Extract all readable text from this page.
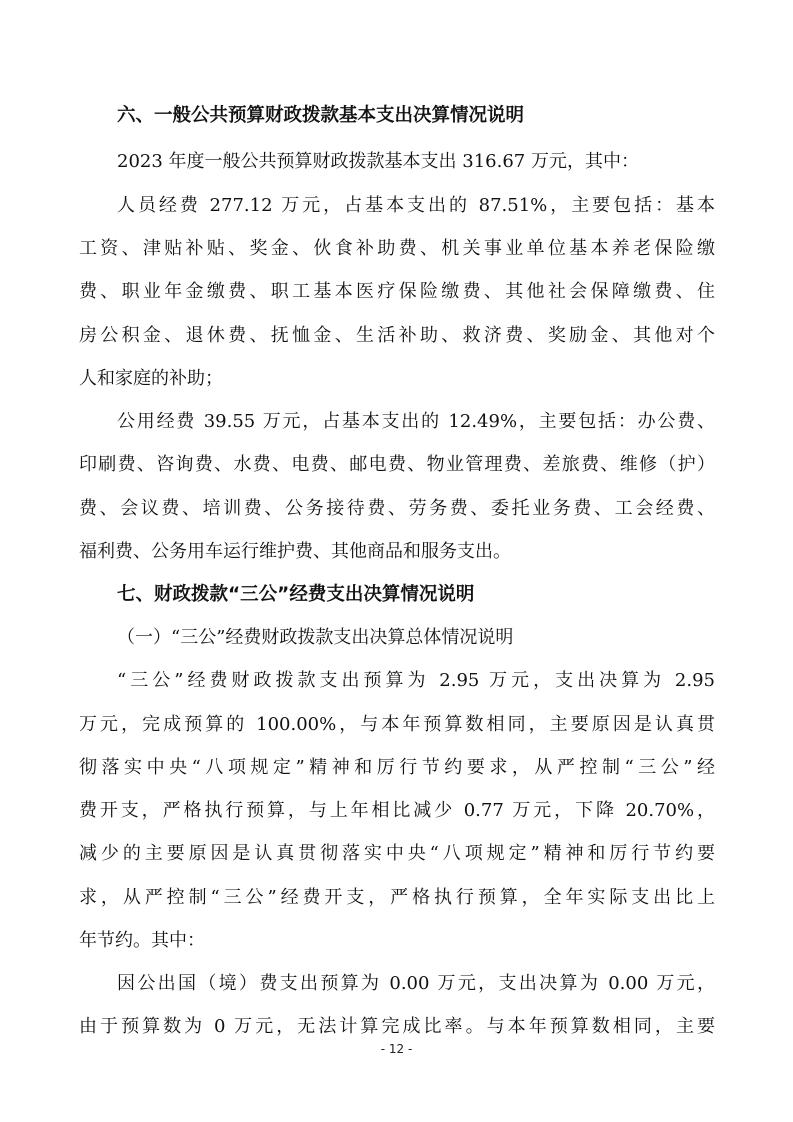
六、一般公共预算财政拨款基本支出决算情况说明
2023 年度一般公共预算财政拨款基本支出 316.67 万元，其中：
人员经费 277.12 万元，占基本支出的 87.51%，主要包括：基本
工资、津贴补贴、奖金、伙食补助费、机关事业单位基本养老保险缴
费、职业年金缴费、职工基本医疗保险缴费、其他社会保障缴费、住
房公积金、退休费、抚恤金、生活补助、救济费、奖励金、其他对个
人和家庭的补助；
公用经费 39.55 万元，占基本支出的 12.49%，主要包括：办公费、
印刷费、咨询费、水费、电费、邮电费、物业管理费、差旅费、维修（护）
费、会议费、培训费、公务接待费、劳务费、委托业务费、工会经费、
福利费、公务用车运行维护费、其他商品和服务支出。
七、财政拨款“三公”经费支出决算情况说明
（一）“三公”经费财政拨款支出决算总体情况说明
“三公”经费财政拨款支出预算为 2.95 万元，支出决算为 2.95
万元，完成预算的 100.00%，与本年预算数相同，主要原因是认真贯
彻落实中央“八项规定”精神和厉行节约要求，从严控制“三公”经
费开支，严格执行预算，与上年相比减少 0.77 万元，下降 20.70%，
减少的主要原因是认真贯彻落实中央“八项规定”精神和厉行节约要
求，从严控制“三公”经费开支，严格执行预算，全年实际支出比上
年节约。其中：
因公出国（境）费支出预算为 0.00 万元，支出决算为 0.00 万元，
由于预算数为 0 万元，无法计算完成比率。与本年预算数相同，主要
- 12 -
